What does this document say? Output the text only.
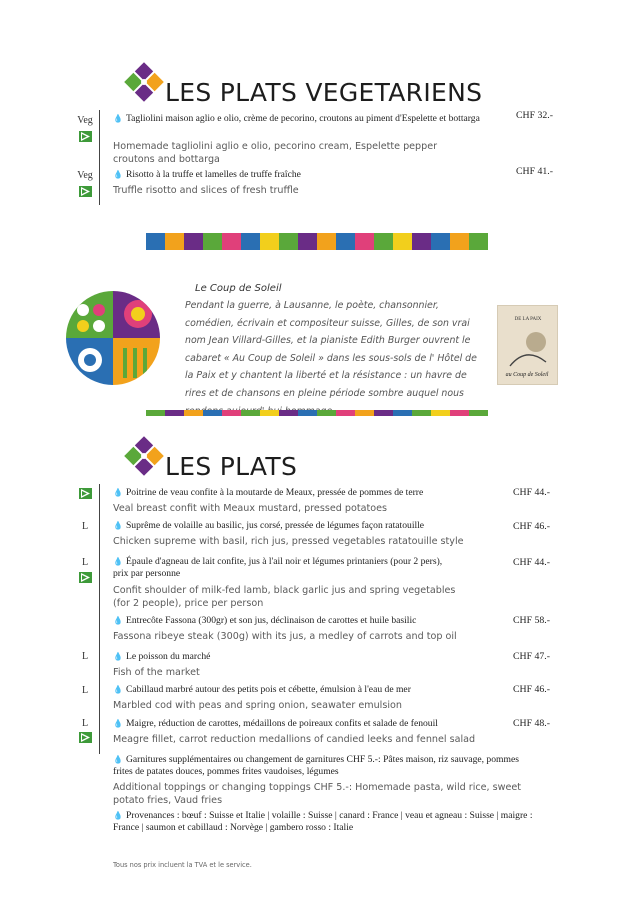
LES PLATS VEGETARIENS
Veg	💧 Tagliolini maison aglio e olio, crème de pecorino, croutons au piment d'Espelette et bottarga
Homemade tagliolini aglio e olio, pecorino cream, Espelette pepper croutons and bottarga
CHF 32.-
Veg	💧 Risotto à la truffe et lamelles de truffe fraîche
Truffle risotto and slices of fresh truffle
CHF 41.-
Le Coup de Soleil
Pendant la guerre, à Lausanne, le poète, chansonnier, comédien, écrivain et compositeur suisse, Gilles, de son vrai nom Jean Villard-Gilles, et la pianiste Edith Burger ouvrent le cabaret « Au Coup de Soleil » dans les sous-sols de l' Hôtel de la Paix et y chantent la liberté et la résistance : un havre de rires et de chansons en pleine période sombre auquel nous
DE LA PAIX
au Coup de Soleil
LES PLATS
💧 Poitrine de veau confite à la moutarde de Meaux, pressée de pommes de terre
Veal breast confit with Meaux mustard, pressed potatoes
CHF 44.-
L	💧 Suprême de volaille au basilic, jus corsé, pressée de légumes façon ratatouille
Chicken supreme with basil, rich jus, pressed vegetables ratatouille style
CHF 46.-
L	💧 Épaule d'agneau de lait confite, jus à l'ail noir et légumes printaniers (pour 2 pers), prix par personne
Confit shoulder of milk-fed lamb, black garlic jus and spring vegetables (for 2 people), price per person
CHF 44.-
💧 Entrecôte Fassona (300gr) et son jus, déclinaison de carottes et huile basilic
Fassona ribeye steak (300g) with its jus, a medley of carrots and top oil
CHF 58.-
L	💧 Le poisson du marché
Fish of the market
CHF 47.-
L	💧 Cabillaud marbré autour des petits pois et cébette, émulsion à l'eau de mer
Marbled cod with peas and spring onion, seawater emulsion
CHF 46.-
L	💧 Maigre, réduction de carottes, médaillons de poireaux confits et salade de fenouil
Meagre fillet, carrot reduction medallions of candied leeks and fennel salad
CHF 48.-
💧 Garnitures supplémentaires ou changement de garnitures CHF 5.-: Pâtes maison, riz sauvage, pommes frites de patates douces, pommes frites vaudoises, légumes
Additional toppings or changing toppings CHF 5.-: Homemade pasta, wild rice, sweet potato fries, Vaud fries
💧 Provenances : bœuf : Suisse et Italie | volaille : Suisse | canard : France | veau et agneau : Suisse | maigre : France | saumon et cabillaud : Norvège | gambero rosso : Italie
Tous nos prix incluent la TVA et le service.
